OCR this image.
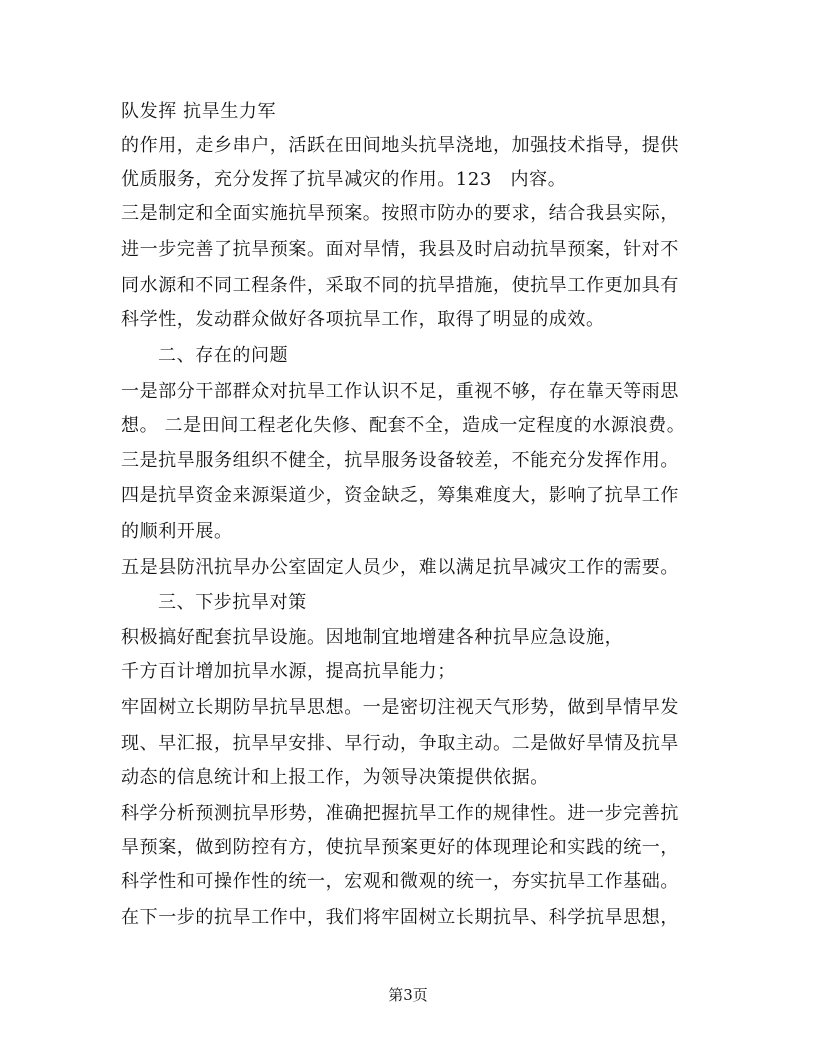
队发挥 抗旱生力军
的作用，走乡串户，活跃在田间地头抗旱浇地，加强技术指导，提供
优质服务，充分发挥了抗旱减灾的作用。123　内容。
三是制定和全面实施抗旱预案。按照市防办的要求，结合我县实际，
进一步完善了抗旱预案。面对旱情，我县及时启动抗旱预案，针对不
同水源和不同工程条件，采取不同的抗旱措施，使抗旱工作更加具有
科学性，发动群众做好各项抗旱工作，取得了明显的成效。
二、存在的问题
一是部分干部群众对抗旱工作认识不足，重视不够，存在靠天等雨思
想。 二是田间工程老化失修、配套不全，造成一定程度的水源浪费。
三是抗旱服务组织不健全，抗旱服务设备较差，不能充分发挥作用。
四是抗旱资金来源渠道少，资金缺乏，筹集难度大，影响了抗旱工作
的顺利开展。
五是县防汛抗旱办公室固定人员少，难以满足抗旱减灾工作的需要。
三、下步抗旱对策
积极搞好配套抗旱设施。因地制宜地增建各种抗旱应急设施，
千方百计增加抗旱水源，提高抗旱能力；
牢固树立长期防旱抗旱思想。一是密切注视天气形势，做到旱情早发
现、早汇报，抗旱早安排、早行动，争取主动。二是做好旱情及抗旱
动态的信息统计和上报工作，为领导决策提供依据。
科学分析预测抗旱形势，准确把握抗旱工作的规律性。进一步完善抗
旱预案，做到防控有方，使抗旱预案更好的体现理论和实践的统一，
科学性和可操作性的统一，宏观和微观的统一，夯实抗旱工作基础。
在下一步的抗旱工作中，我们将牢固树立长期抗旱、科学抗旱思想，
第3页
